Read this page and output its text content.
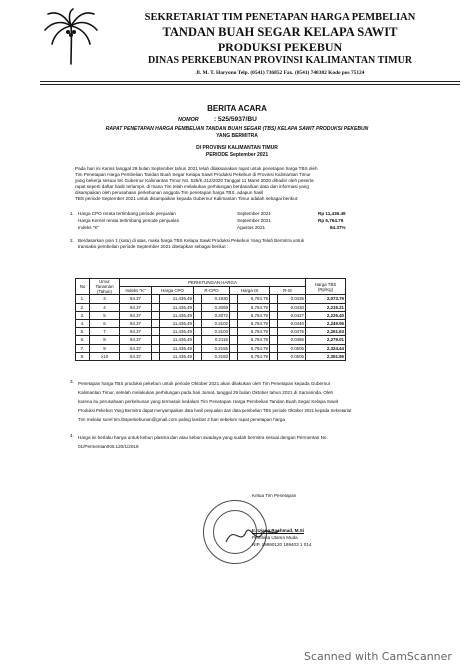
SEKRETARIAT TIM PENETAPAN HARGA PEMBELIAN
TANDAN BUAH SEGAR KELAPA SAWIT
PRODUKSI PEKEBUN
DINAS PERKEBUNAN PROVINSI KALIMANTAN TIMUR
Jl. M. T. Haryono Telp. (0541) 736852 Fax. (0541) 748382 Kode pos 75124
BERITA ACARA
NOMOR : 525/5937/BU
RAPAT PENETAPAN HARGA PEMBELIAN TANDAN BUAH SEGAR (TBS) KELAPA SAWIT PRODUKSI PEKEBUN
YANG BERMITRA
DI PROVINSI KALIMANTAN TIMUR
PERIODE September 2021
Pada hari ini Kamis tanggal 29 bulan September tahun 2021 telah dilaksanakan rapat untuk penetapan harga TBS oleh
Tim Penetapan Harga Pembelian Tandan Buah Segar Kelapa Sawit Produksi Pekebun di Provinsi Kalimantan Timur
yang bekerja sesuai SK Gubernur Kalimantan Timur No. 525/K.212/2020 Tanggal 11 Maret 2020 dihadiri oleh peserta
rapat seperti daftar hadir terlampir, di mana Tim telah melakukan perhitungan berdasarkan data dan informasi yang
disampaikan oleh perusahaan perkebunan anggota Tim penetapan harga TBS, adapun hasil
TBS periode September 2021 untuk disampaikan kepada Gubernur Kalimantan Timur adalah sebagai berikut:
1. Harga CPO rerata tertimbang periode penjualan	September 2021	Rp 11,436.49
Harga Kernel rerata tertimbang periode penjualan	September 2021	Rp 5,764.79
Indeks "K"	Agustus 2021	84.37%
2. Berdasarkan poin 1 (satu) di atas, maka harga TBS Kelapa Sawit Produksi Pekebun Yang Telah Bermitra untuk
transaksi pembelian periode September 2021 ditetapkan sebagai berikut :
No	Umur Tanaman (Tahun)	PERHITUNGAN HARGA									Harga TBS (Rp/Kg)
		Indeks "K"	Harga CPO		R-CPO		Harga IS		R-IS		
1.	3	84.37		11,436.49		0.1930		5,764.79		0.0435	2,073.79
2.	4	84.37		11,436.49		0.2069		5,764.79		0.0430	2,215.21
3.	5	84.37		11,436.49		0.2072		5,764.79		0.0427	2,225.40
4.	6	84.37		11,436.49		0.2102		5,764.79		0.0440	2,249.56
5.	7	84.37		11,436.49		0.2103		5,764.79		0.0476	2,261.63
6.	8	84.37		11,436.49		0.2115		5,764.79		0.0486	2,279.01
7.	9	84.37		11,436.49		0.2155		5,764.79		0.0505	2,324.44
8.	≥10	84.37		11,436.49		0.2183		5,764.79		0.0505	2,351.95
3. Penetapan harga TBS produksi pekebun untuk periode Oktober 2021 akan dilakukan oleh Tim Penetapan kepada Gubernur
Kalimantan Timur, setelah melakukan perhitungan pada hari Jumat, tanggal 29 bulan Oktober tahun 2021 di Samarinda. Oleh
karena itu perusahaan perkebunan yang termasuk kedalam Tim Penetapan Harga Pembelian Tandan Buah Segar Kelapa Sawit
Produksi Pekebun Yang Bermitra dapat menyampaikan data hasil penjualan dan data pembelian TBS periode Oktober 2021 kepada Sekretariat
Tim melalui surel tim.tbsperkebunan@gmail.com paling lambat 2 hari sebelum rapat penetapan harga
4. Harga ini berlaku hanya untuk kebun plasma dan atau kebun swadaya yang sudah bermitra sesuai dengan Permentan No.
01/Permentan/KB.120/1/2018
Ketua Tim Penetapan
Ir. Ujang Rachmad, M.Si
Pembina Utama Muda
NIP. 19690120 199403 1 014
Scanned with CamScanner
